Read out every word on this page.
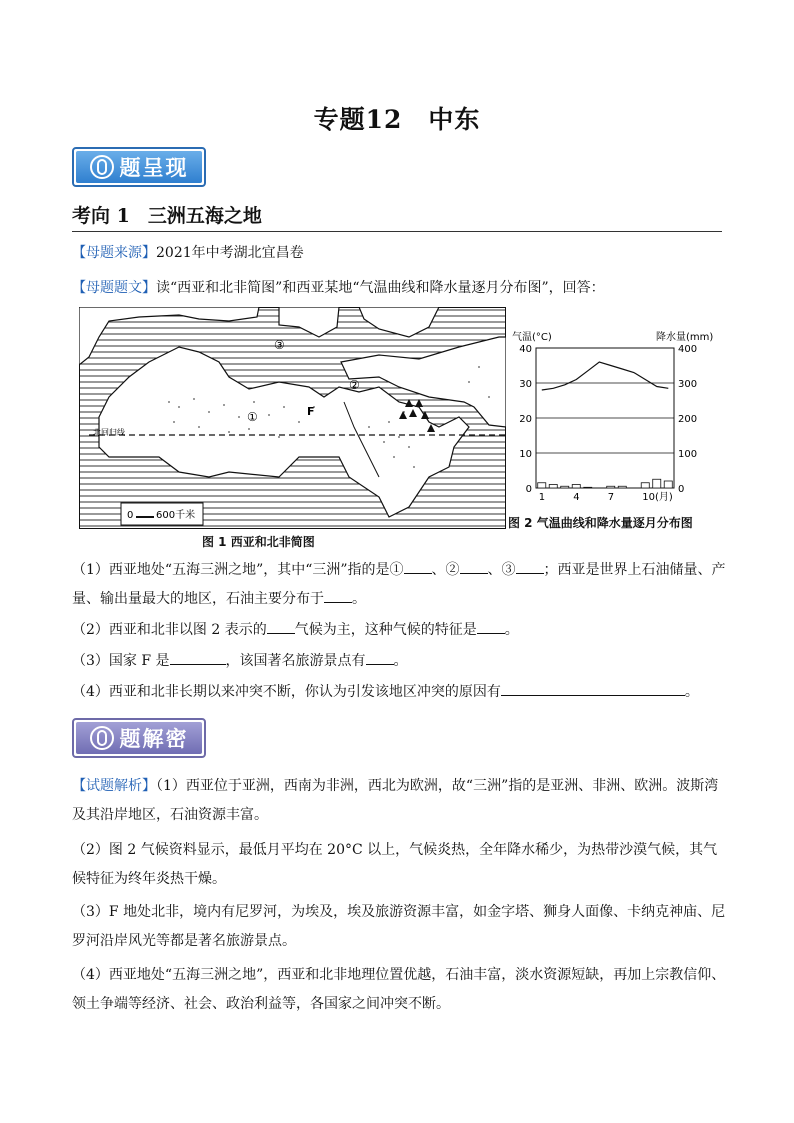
专题12　中东
题呈现
考向 1 三洲五海之地
【母题来源】2021年中考湖北宜昌卷
【母题题文】读“西亚和北非简图”和西亚某地“气温曲线和降水量逐月分布图”，回答：
北回归线
①
②
③
F
0 600千米
图 1 西亚和北非简图
气温(°C)	降水量(mm)
40	400
30	300
20	200
10	100
0	0
1	4	7	10(月)
图 2 气温曲线和降水量逐月分布图
（1）西亚地处“五海三洲之地”，其中“三洲”指的是① 、② 、③ ；西亚是世界上石油储量、产量、输出量最大的地区，石油主要分布于 。
（2）西亚和北非以图 2 表示的 气候为主，这种气候的特征是 。
（3）国家 F 是	，该国著名旅游景点有 。
（4）西亚和北非长期以来冲突不断，你认为引发该地区冲突的原因有	。
题解密
【试题解析】（1）西亚位于亚洲，西南为非洲，西北为欧洲，故“三洲”指的是亚洲、非洲、欧洲。波斯湾及其沿岸地区，石油资源丰富。
（2）图 2 气候资料显示，最低月平均在 20°C 以上，气候炎热，全年降水稀少，为热带沙漠气候，其气候特征为终年炎热干燥。
（3）F 地处北非，境内有尼罗河，为埃及，埃及旅游资源丰富，如金字塔、狮身人面像、卡纳克神庙、尼罗河沿岸风光等都是著名旅游景点。
（4）西亚地处“五海三洲之地”，西亚和北非地理位置优越，石油丰富，淡水资源短缺，再加上宗教信仰、领土争端等经济、社会、政治利益等，各国家之间冲突不断。
